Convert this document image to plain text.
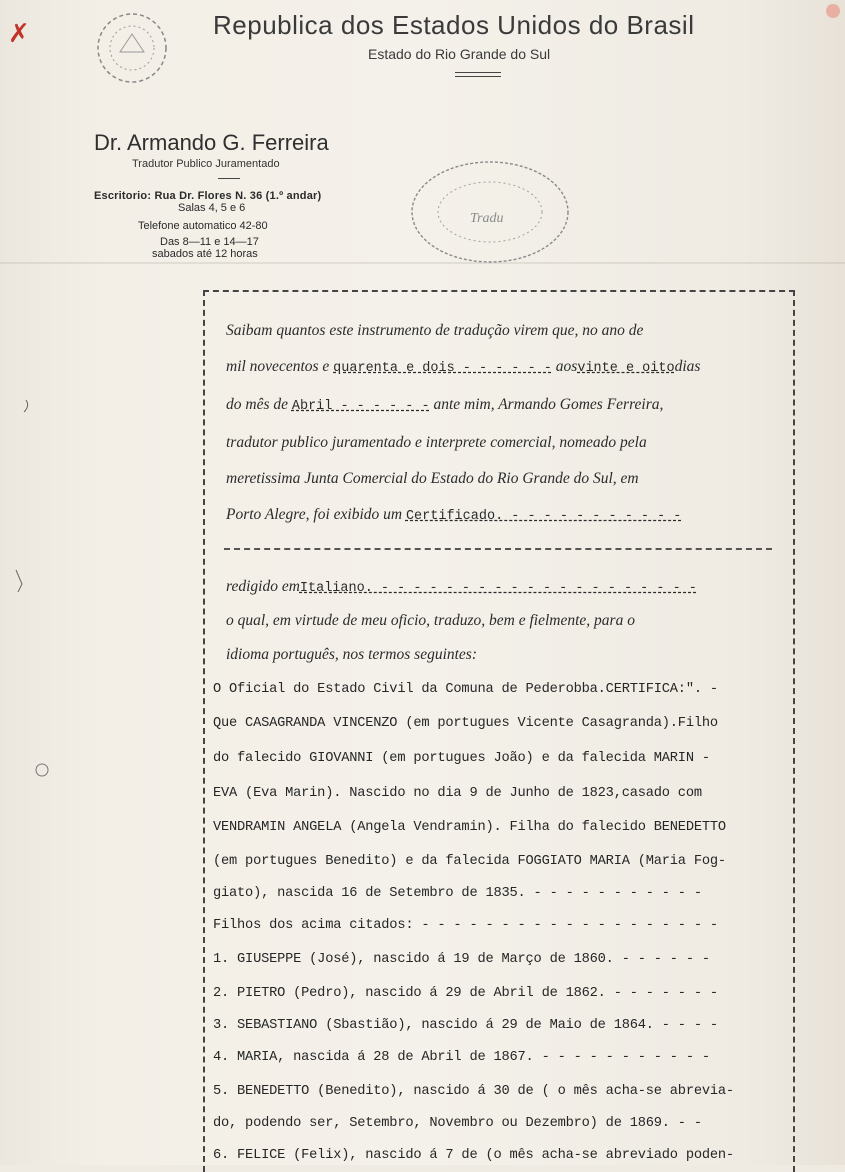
✗	Republica dos Estados Unidos do Brasil
Estado do Rio Grande do Sul
Dr. Armando G. Ferreira
Tradutor Publico Juramentado
Escritorio: Rua Dr. Flores N. 36 (1.º andar)
Salas 4, 5 e 6
Telefone automatico 42-80
Das 8—11 e 14—17
sabados até 12 horas
Tradu
Saibam quantos este instrumento de tradução virem que, no ano de
mil novecentos e quarenta e dois - - - - - - aosvinte e oitodias
do mês de Abril - - - - - - ante mim, Armando Gomes Ferreira,
tradutor publico juramentado e interprete comercial, nomeado pela
meretissima Junta Comercial do Estado do Rio Grande do Sul, em
Porto Alegre, foi exibido um Certificado. - - - - - - - - - - -
redigido emItaliano. - - - - - - - - - - - - - - - - - - - -
o qual, em virtude de meu oficio, traduzo, bem e fielmente, para o
idioma português, nos termos seguintes:
O Oficial do Estado Civil da Comuna de Pederobba.CERTIFICA:". -
Que CASAGRANDA VINCENZO (em portugues Vicente Casagranda).Filho
do falecido GIOVANNI (em portugues João) e da falecida MARIN -
EVA (Eva Marin). Nascido no dia 9 de Junho de 1823,casado com
VENDRAMIN ANGELA (Angela Vendramin). Filha do falecido BENEDETTO
(em portugues Benedito) e da falecida FOGGIATO MARIA (Maria Fog-
giato), nascida 16 de Setembro de 1835. - - - - - - - - - - -
Filhos dos acima citados: - - - - - - - - - - - - - - - - - - -
1. GIUSEPPE (José), nascido á 19 de Março de 1860. - - - - - -
2. PIETRO (Pedro), nascido á 29 de Abril de 1862. - - - - - - -
3. SEBASTIANO (Sbastião), nascido á 29 de Maio de 1864. - - - -
4. MARIA, nascida á 28 de Abril de 1867. - - - - - - - - - - -
5. BENEDETTO (Benedito), nascido á 30 de ( o mês acha-se abrevia-
do, podendo ser, Setembro, Novembro ou Dezembro) de 1869. - -
6. FELICE (Felix), nascido á 7 de (o mês acha-se abreviado poden-
